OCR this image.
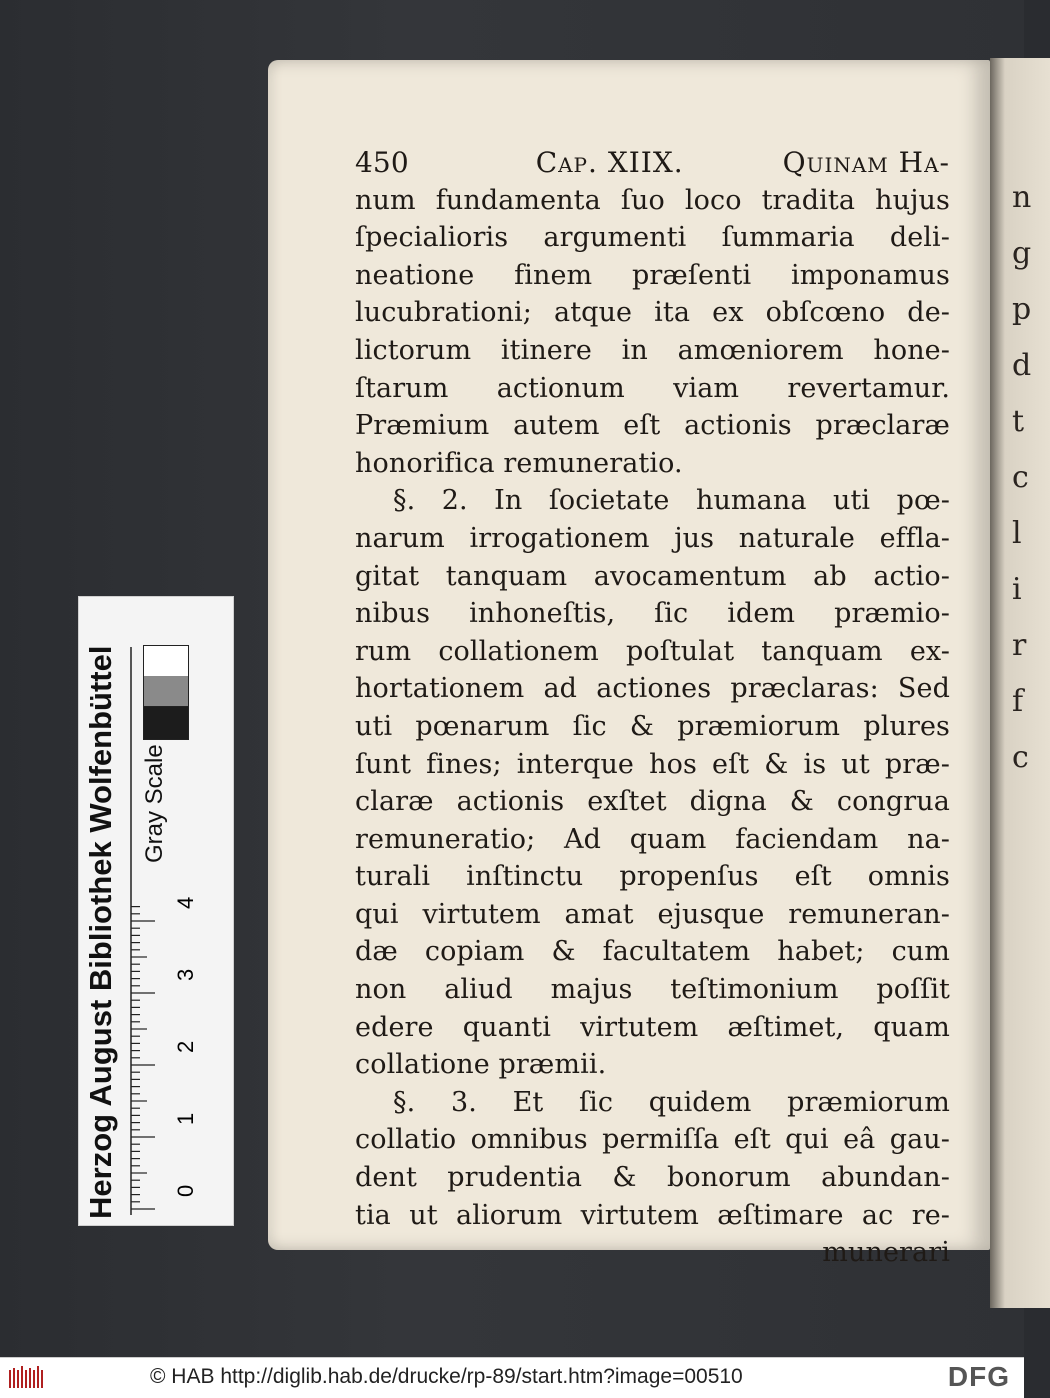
n
g
p
d
t
c
l
i
r
f
c
450	Cap. XIIX.	Quinam Ha-
num fundamenta ſuo loco tradita hujus
ſpecialioris argumenti ſummaria deli-
neatione finem præſenti imponamus
lucubrationi; atque ita ex obſcœno de-
lictorum itinere in amœniorem hone-
ſtarum actionum viam revertamur.
Præmium autem eſt actionis præclaræ
honorifica remuneratio.
§. 2. In ſocietate humana uti pœ-
narum irrogationem jus naturale effla-
gitat tanquam avocamentum ab actio-
nibus inhoneſtis, ſic idem præmio-
rum collationem poſtulat tanquam ex-
hortationem ad actiones præclaras: Sed
uti pœnarum ſic & præmiorum plures
ſunt fines; interque hos eſt & is ut præ-
claræ actionis exſtet digna & congrua
remuneratio; Ad quam faciendam na-
turali inſtinctu propenſus eſt omnis
qui virtutem amat ejusque remuneran-
dæ copiam & facultatem habet; cum
non aliud majus teſtimonium poſſit
edere quanti virtutem æſtimet, quam
collatione præmii.
§. 3. Et ſic quidem præmiorum
collatio omnibus permiſſa eſt qui eâ gau-
dent prudentia & bonorum abundan-
tia ut aliorum virtutem æſtimare ac re-
munerari
Herzog August Bibliothek Wolfenbüttel Gray Scale
0
1
2
3
4
© HAB http://diglib.hab.de/drucke/rp-89/start.htm?image=00510	DFG
